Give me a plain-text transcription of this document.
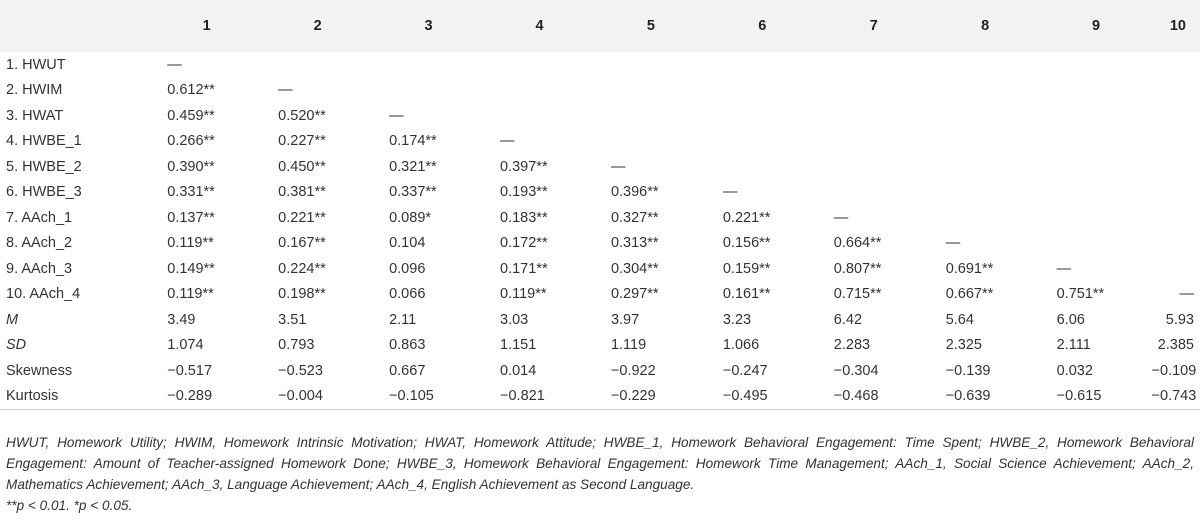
	1	2	3	4	5	6	7	8	9	10
1. HWUT	—									
2. HWIM	0.612**	—								
3. HWAT	0.459**	0.520**	—							
4. HWBE_1	0.266**	0.227**	0.174**	—						
5. HWBE_2	0.390**	0.450**	0.321**	0.397**	—					
6. HWBE_3	0.331**	0.381**	0.337**	0.193**	0.396**	—				
7. AAch_1	0.137**	0.221**	0.089*	0.183**	0.327**	0.221**	—			
8. AAch_2	0.119**	0.167**	0.104	0.172**	0.313**	0.156**	0.664**	—		
9. AAch_3	0.149**	0.224**	0.096	0.171**	0.304**	0.159**	0.807**	0.691**	—	
10. AAch_4	0.119**	0.198**	0.066	0.119**	0.297**	0.161**	0.715**	0.667**	0.751**	—
M	3.49	3.51	2.11	3.03	3.97	3.23	6.42	5.64	6.06	5.93
SD	1.074	0.793	0.863	1.151	1.119	1.066	2.283	2.325	2.111	2.385
Skewness	−0.517	−0.523	0.667	0.014	−0.922	−0.247	−0.304	−0.139	0.032	−0.109
Kurtosis	−0.289	−0.004	−0.105	−0.821	−0.229	−0.495	−0.468	−0.639	−0.615	−0.743
HWUT, Homework Utility; HWIM, Homework Intrinsic Motivation; HWAT, Homework Attitude; HWBE_1, Homework Behavioral Engagement: Time Spent; HWBE_2, Homework Behavioral Engagement: Amount of Teacher-assigned Homework Done; HWBE_3, Homework Behavioral Engagement: Homework Time Management; AAch_1, Social Science Achievement; AAch_2, Mathematics Achievement; AAch_3, Language Achievement; AAch_4, English Achievement as Second Language.
**p < 0.01. *p < 0.05.
